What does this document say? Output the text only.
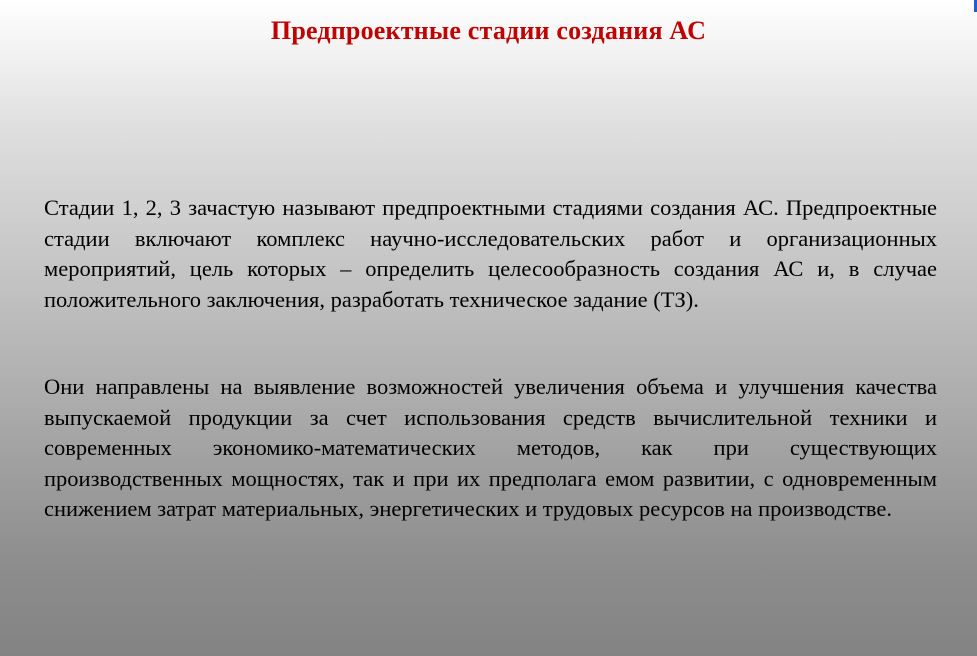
Предпроектные стадии создания АС

Стадии 1, 2, 3 зачастую называют предпроектными стадиями создания АС. Предпроектные стадии включают комплекс научно-исследовательских работ и организационных мероприятий, цель которых – определить целесообразность создания АС и, в случае положительного заключения, разработать техническое задание (ТЗ).

Они направлены на выявление возможностей увеличения объема и улучшения качества выпускаемой продукции за счет использования средств вычислительной техники и современных экономико-математических методов, как при существующих производственных мощностях, так и при их предполага емом развитии, с одновременным снижением затрат материальных, энергетических и трудовых ресурсов на производстве.
